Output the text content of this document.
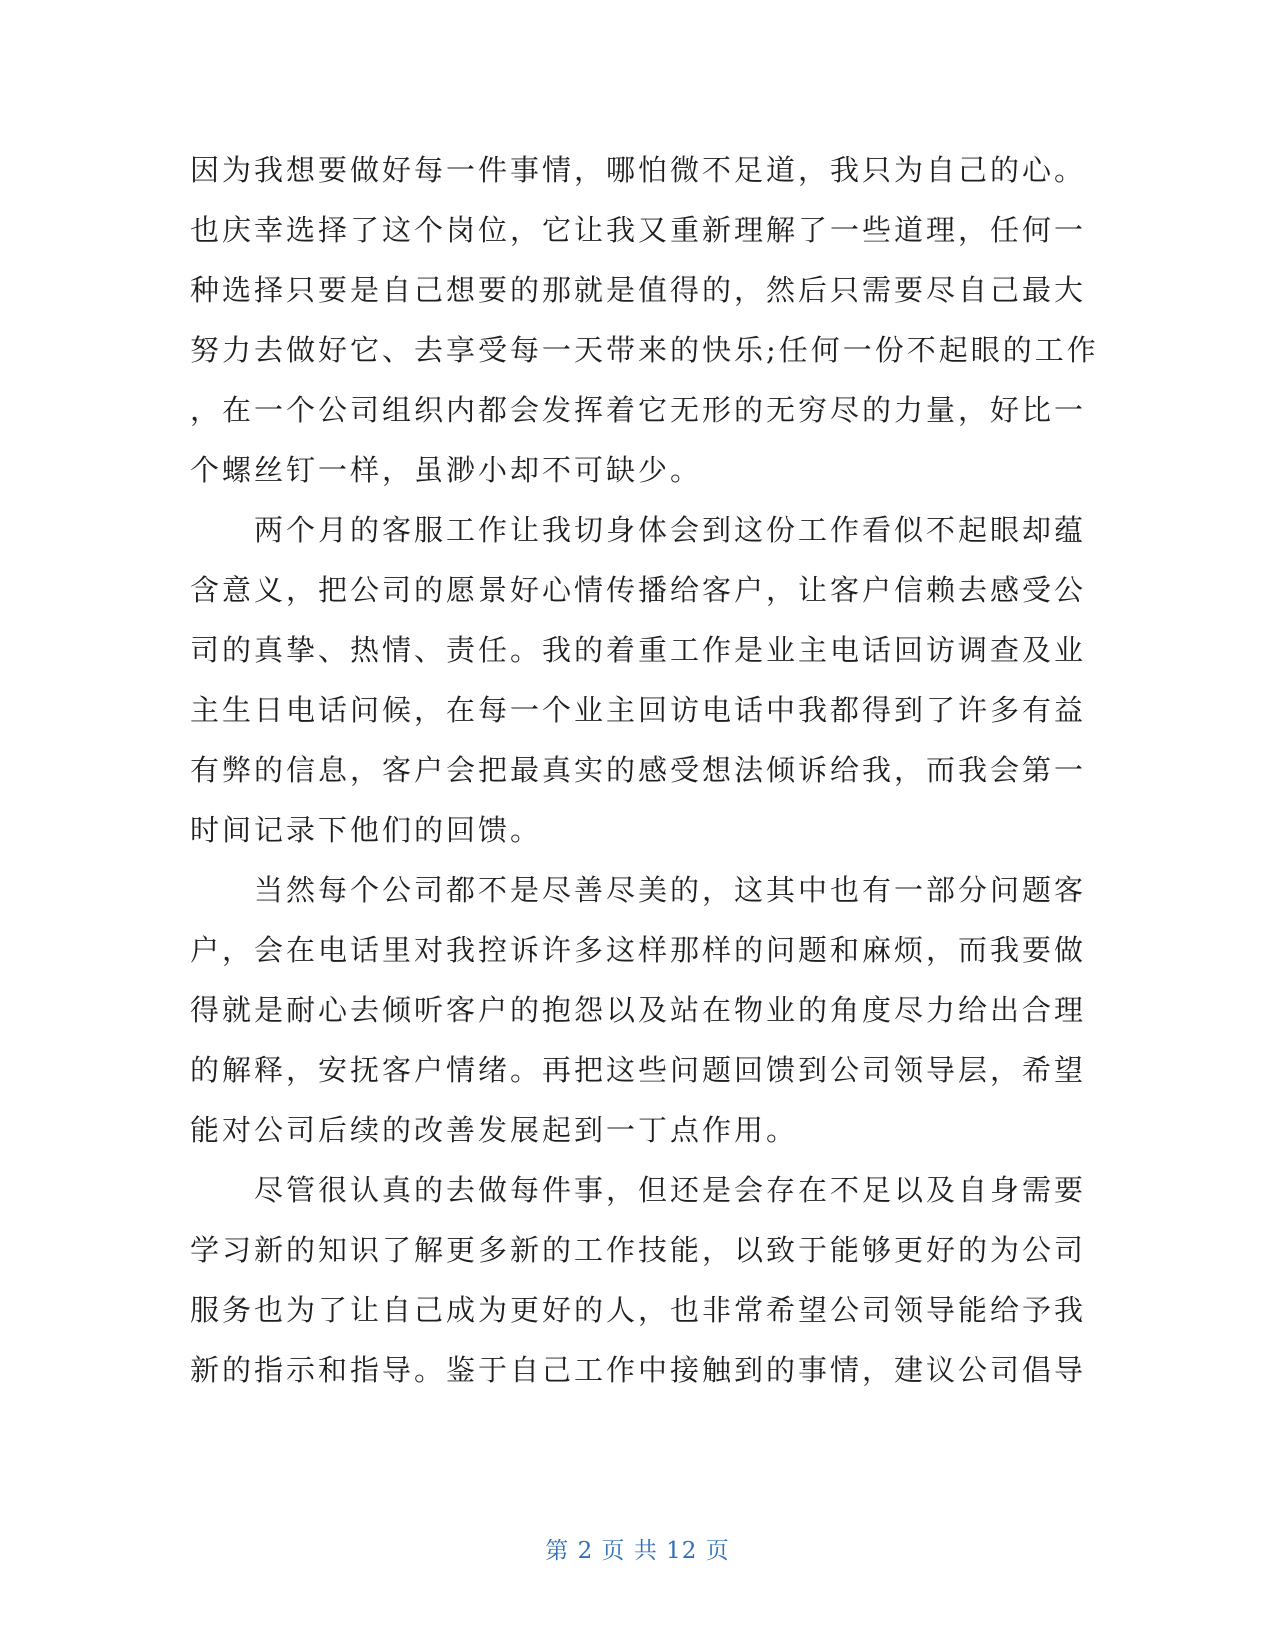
因为我想要做好每一件事情，哪怕微不足道，我只为自己的心。
也庆幸选择了这个岗位，它让我又重新理解了一些道理，任何一
种选择只要是自己想要的那就是值得的，然后只需要尽自己最大
努力去做好它、去享受每一天带来的快乐;任何一份不起眼的工作
，在一个公司组织内都会发挥着它无形的无穷尽的力量，好比一
个螺丝钉一样，虽渺小却不可缺少。

　　两个月的客服工作让我切身体会到这份工作看似不起眼却蕴
含意义，把公司的愿景好心情传播给客户，让客户信赖去感受公
司的真挚、热情、责任。我的着重工作是业主电话回访调查及业
主生日电话问候，在每一个业主回访电话中我都得到了许多有益
有弊的信息，客户会把最真实的感受想法倾诉给我，而我会第一
时间记录下他们的回馈。

　　当然每个公司都不是尽善尽美的，这其中也有一部分问题客
户，会在电话里对我控诉许多这样那样的问题和麻烦，而我要做
得就是耐心去倾听客户的抱怨以及站在物业的角度尽力给出合理
的解释，安抚客户情绪。再把这些问题回馈到公司领导层，希望
能对公司后续的改善发展起到一丁点作用。

　　尽管很认真的去做每件事，但还是会存在不足以及自身需要
学习新的知识了解更多新的工作技能，以致于能够更好的为公司
服务也为了让自己成为更好的人，也非常希望公司领导能给予我
新的指示和指导。鉴于自己工作中接触到的事情，建议公司倡导

第 2 页 共 12 页
